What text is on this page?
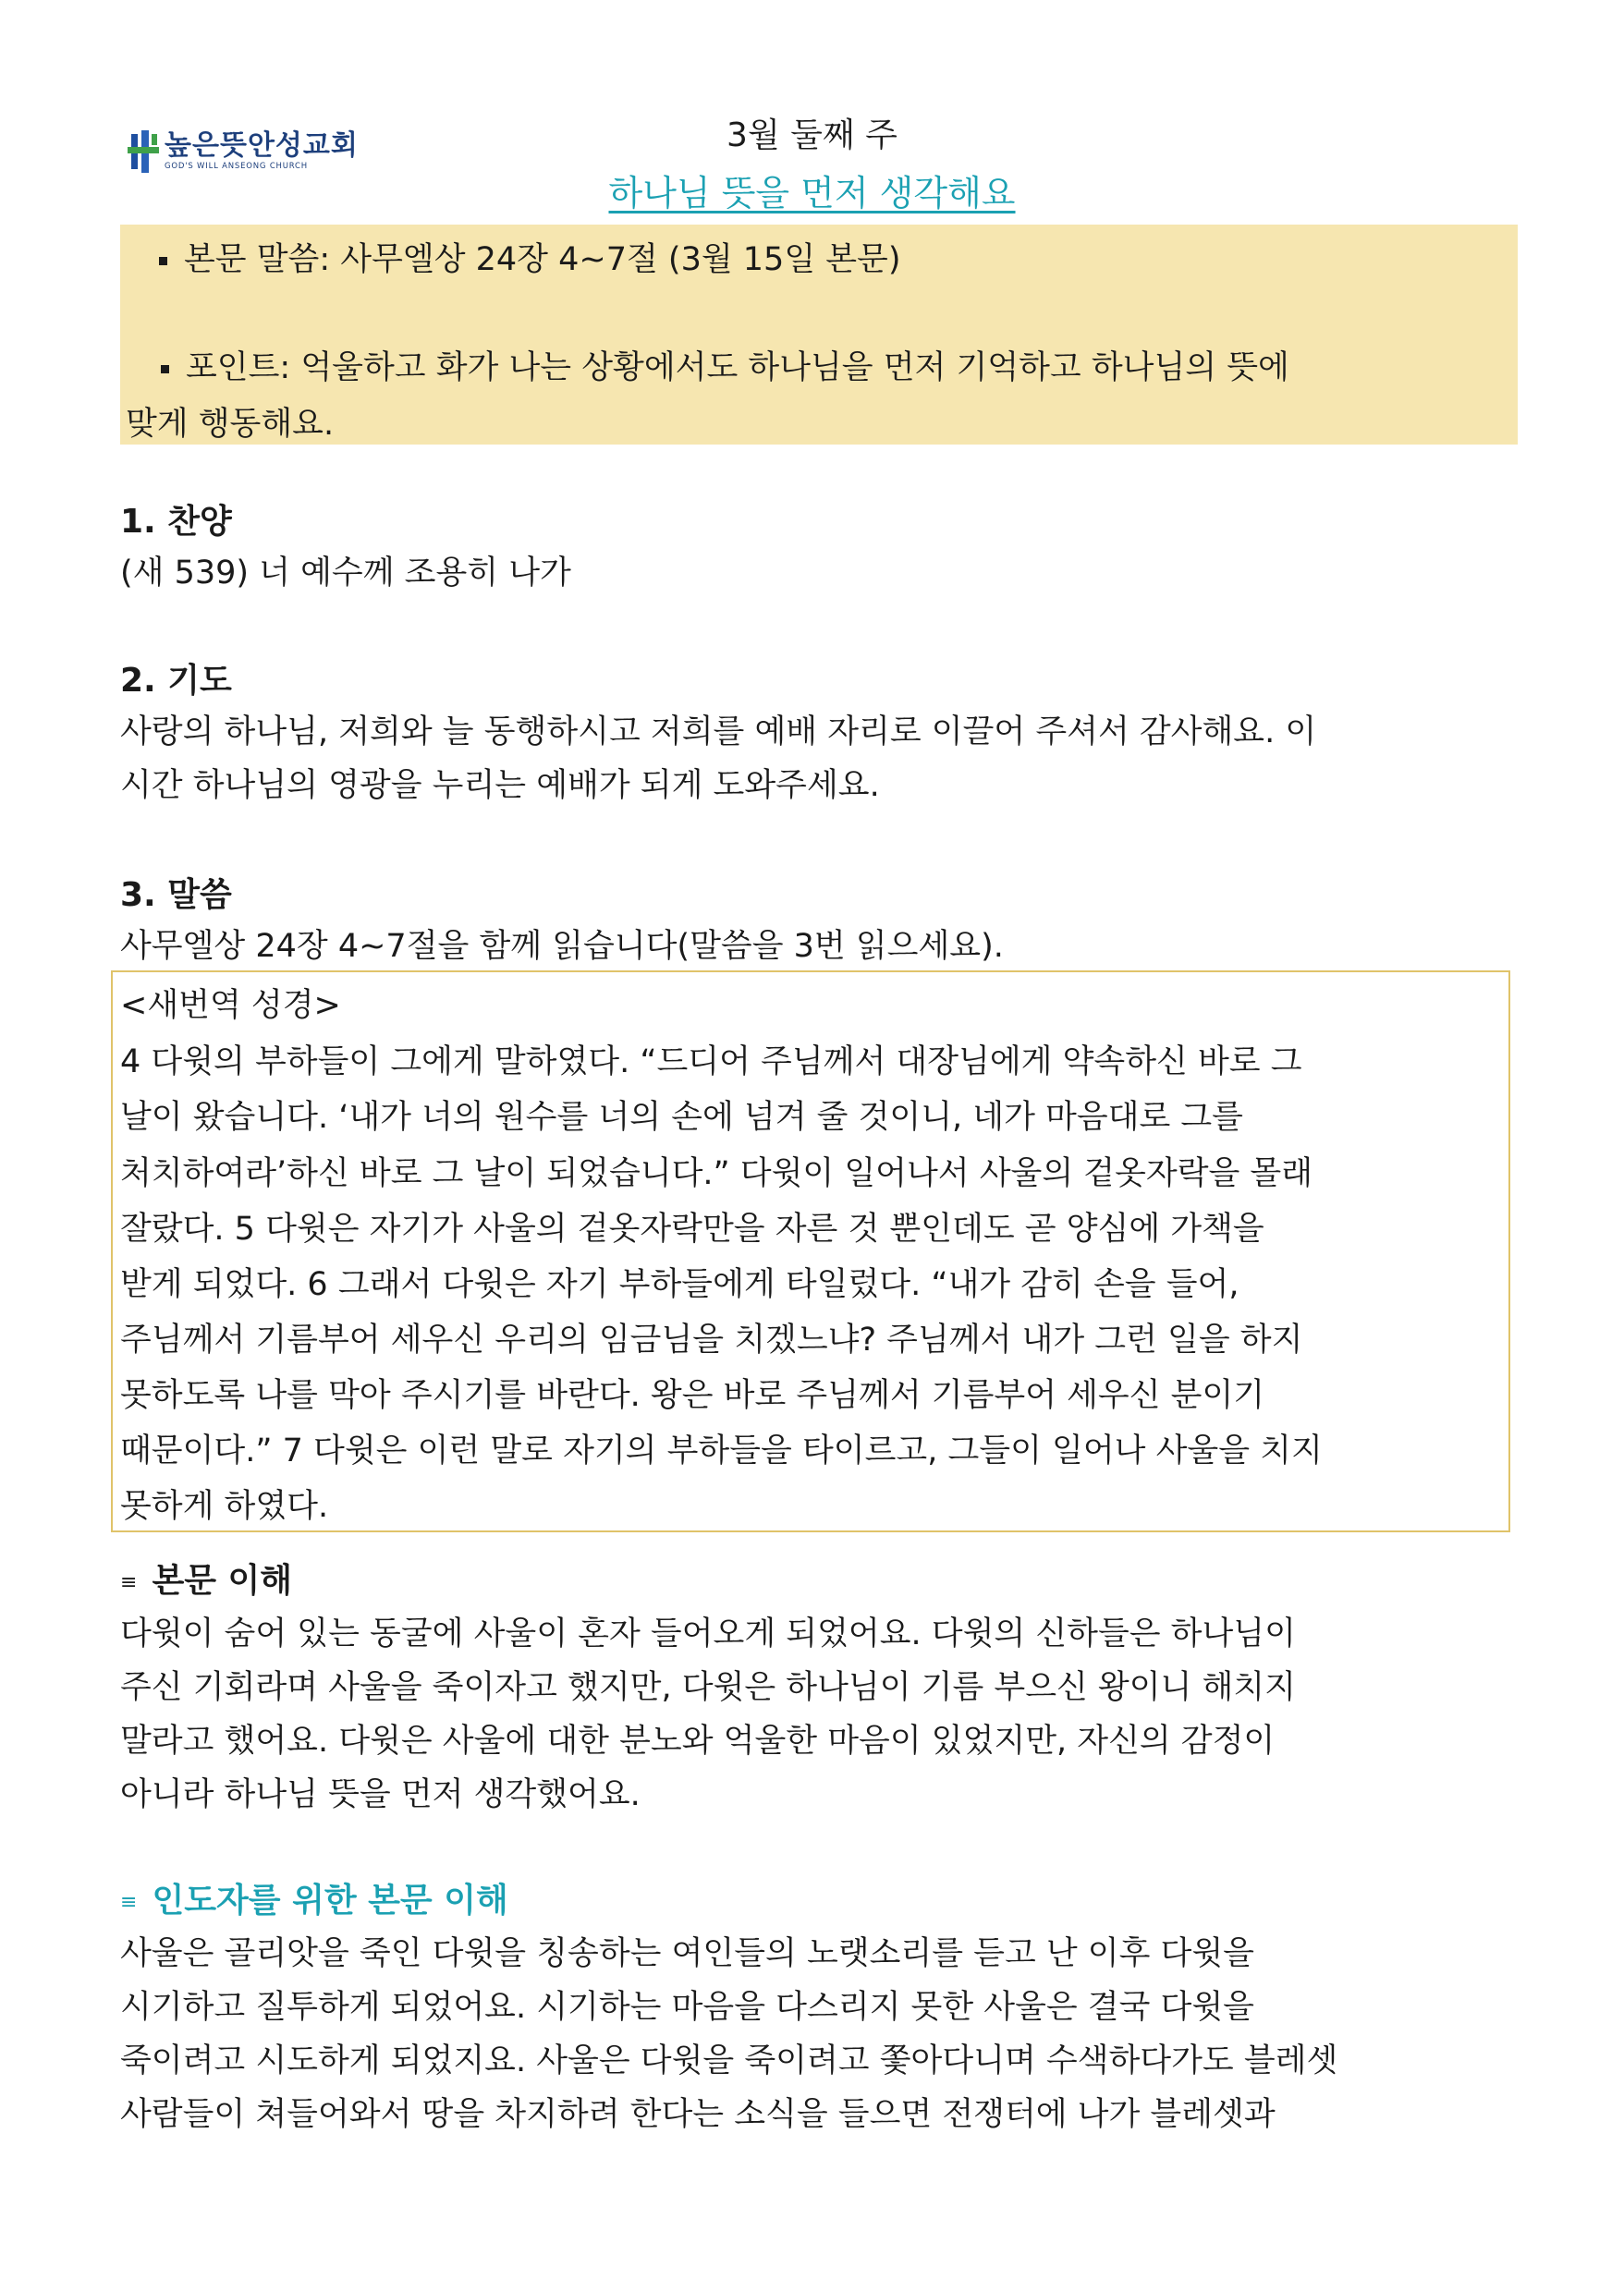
높은뜻안성교회
GOD'S WILL ANSEONG CHURCH
3월 둘째 주
하나님 뜻을 먼저 생각해요
본문 말씀: 사무엘상 24장 4~7절 (3월 15일 본문)
포인트: 억울하고 화가 나는 상황에서도 하나님을 먼저 기억하고 하나님의 뜻에
맞게 행동해요.
1. 찬양
(새 539) 너 예수께 조용히 나가
2. 기도
사랑의 하나님, 저희와 늘 동행하시고 저희를 예배 자리로 이끌어 주셔서 감사해요. 이
시간 하나님의 영광을 누리는 예배가 되게 도와주세요.
3. 말씀
사무엘상 24장 4~7절을 함께 읽습니다(말씀을 3번 읽으세요).
<새번역 성경>
4 다윗의 부하들이 그에게 말하였다. “드디어 주님께서 대장님에게 약속하신 바로 그
날이 왔습니다. ‘내가 너의 원수를 너의 손에 넘겨 줄 것이니, 네가 마음대로 그를
처치하여라’하신 바로 그 날이 되었습니다.” 다윗이 일어나서 사울의 겉옷자락을 몰래
잘랐다. 5 다윗은 자기가 사울의 겉옷자락만을 자른 것 뿐인데도 곧 양심에 가책을
받게 되었다. 6 그래서 다윗은 자기 부하들에게 타일렀다. “내가 감히 손을 들어,
주님께서 기름부어 세우신 우리의 임금님을 치겠느냐? 주님께서 내가 그런 일을 하지
못하도록 나를 막아 주시기를 바란다. 왕은 바로 주님께서 기름부어 세우신 분이기
때문이다.” 7 다윗은 이런 말로 자기의 부하들을 타이르고, 그들이 일어나 사울을 치지
못하게 하였다.
≡ 본문 이해
다윗이 숨어 있는 동굴에 사울이 혼자 들어오게 되었어요. 다윗의 신하들은 하나님이
주신 기회라며 사울을 죽이자고 했지만, 다윗은 하나님이 기름 부으신 왕이니 해치지
말라고 했어요. 다윗은 사울에 대한 분노와 억울한 마음이 있었지만, 자신의 감정이
아니라 하나님 뜻을 먼저 생각했어요.
≡ 인도자를 위한 본문 이해
사울은 골리앗을 죽인 다윗을 칭송하는 여인들의 노랫소리를 듣고 난 이후 다윗을
시기하고 질투하게 되었어요. 시기하는 마음을 다스리지 못한 사울은 결국 다윗을
죽이려고 시도하게 되었지요. 사울은 다윗을 죽이려고 쫓아다니며 수색하다가도 블레셋
사람들이 쳐들어와서 땅을 차지하려 한다는 소식을 들으면 전쟁터에 나가 블레셋과
